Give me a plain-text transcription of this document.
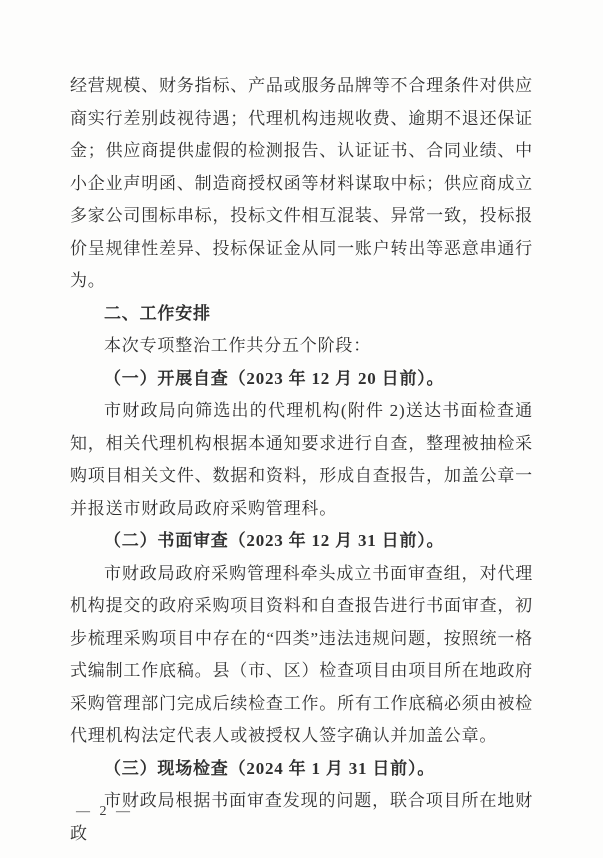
经营规模、财务指标、产品或服务品牌等不合理条件对供应商实行差别歧视待遇；代理机构违规收费、逾期不退还保证金；供应商提供虚假的检测报告、认证证书、合同业绩、中小企业声明函、制造商授权函等材料谋取中标；供应商成立多家公司围标串标，投标文件相互混装、异常一致，投标报价呈规律性差异、投标保证金从同一账户转出等恶意串通行为。
二、工作安排
本次专项整治工作共分五个阶段：
（一）开展自查（2023 年 12 月 20 日前）。
市财政局向筛选出的代理机构(附件 2)送达书面检查通知，相关代理机构根据本通知要求进行自查，整理被抽检采购项目相关文件、数据和资料，形成自查报告，加盖公章一并报送市财政局政府采购管理科。
（二）书面审查（2023 年 12 月 31 日前）。
市财政局政府采购管理科牵头成立书面审查组，对代理机构提交的政府采购项目资料和自查报告进行书面审查，初步梳理采购项目中存在的“四类”违法违规问题，按照统一格式编制工作底稿。县（市、区）检查项目由项目所在地政府采购管理部门完成后续检查工作。所有工作底稿必须由被检代理机构法定代表人或被授权人签字确认并加盖公章。
（三）现场检查（2024 年 1 月 31 日前）。
市财政局根据书面审查发现的问题，联合项目所在地财政
— 2 —
